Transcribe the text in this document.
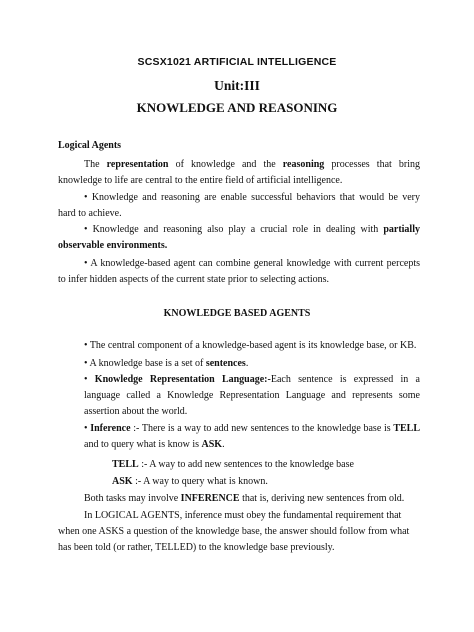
SCSX1021 ARTIFICIAL INTELLIGENCE
Unit:III
KNOWLEDGE AND REASONING
Logical Agents

The representation of knowledge and the reasoning processes that bring knowledge to life are central to the entire field of artificial intelligence.

• Knowledge and reasoning are enable successful behaviors that would be very hard to achieve.

• Knowledge and reasoning also play a crucial role in dealing with partially observable environments.

• A knowledge-based agent can combine general knowledge with current percepts to infer hidden aspects of the current state prior to selecting actions.

KNOWLEDGE BASED AGENTS

• The central component of a knowledge-based agent is its knowledge base, or KB.

• A knowledge base is a set of sentences.

• Knowledge Representation Language:-Each sentence is expressed in a language called a Knowledge Representation Language and represents some assertion about the world.

• Inference :- There is a way to add new sentences to the knowledge base is TELL and to query what is know is ASK.

TELL :- A way to add new sentences to the knowledge base

ASK :- A way to query what is known.

Both tasks may involve INFERENCE that is, deriving new sentences from old.

In LOGICAL AGENTS, inference must obey the fundamental requirement that when one ASKS a question of the knowledge base, the answer should follow from what has been told (or rather, TELLED) to the knowledge base previously.
